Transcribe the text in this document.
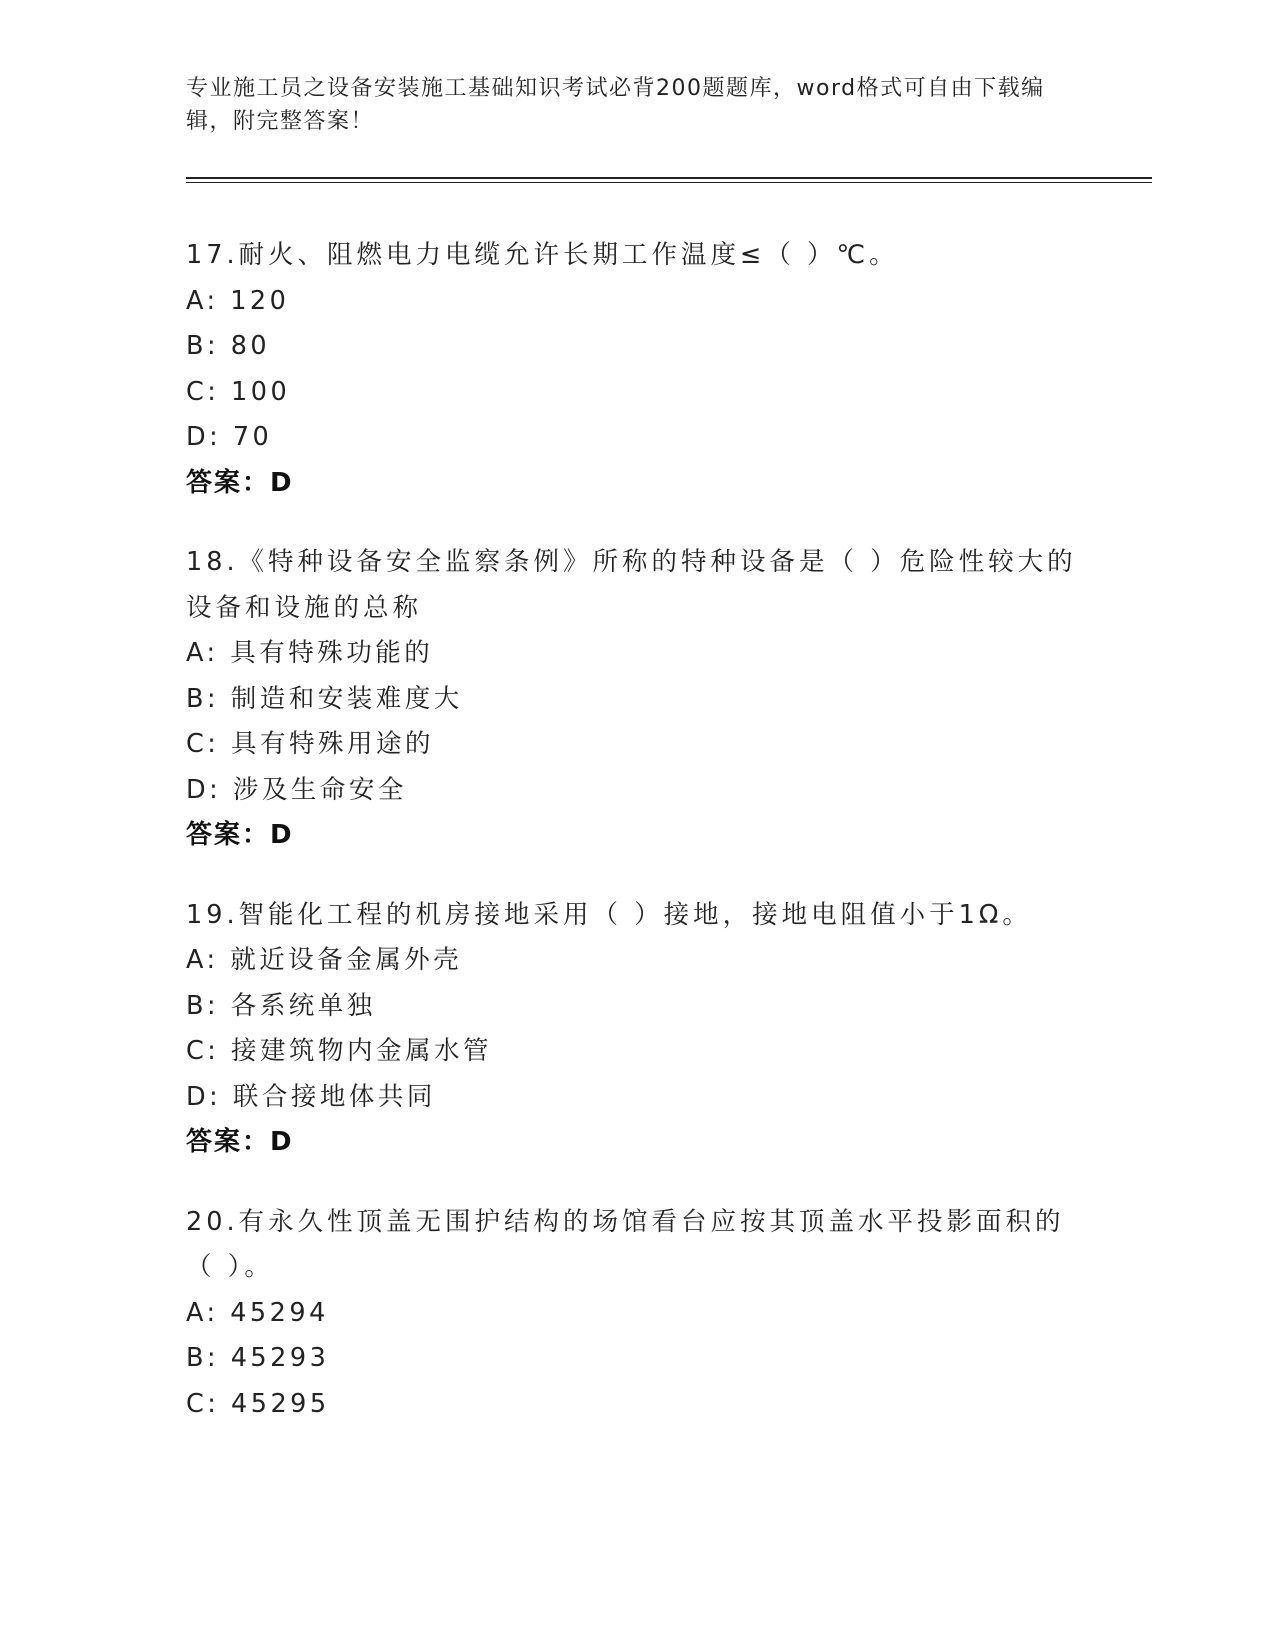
专业施工员之设备安装施工基础知识考试必背200题题库，word格式可自由下载编辑，附完整答案！
17.耐火、阻燃电力电缆允许长期工作温度≤（ ）℃。
A: 120
B: 80
C: 100
D: 70
答案：D
18.《特种设备安全监察条例》所称的特种设备是（ ）危险性较大的设备和设施的总称
A: 具有特殊功能的
B: 制造和安装难度大
C: 具有特殊用途的
D: 涉及生命安全
答案：D
19.智能化工程的机房接地采用（ ）接地，接地电阻值小于1Ω。
A: 就近设备金属外壳
B: 各系统单独
C: 接建筑物内金属水管
D: 联合接地体共同
答案：D
20.有永久性顶盖无围护结构的场馆看台应按其顶盖水平投影面积的（ ）。
A: 45294
B: 45293
C: 45295
